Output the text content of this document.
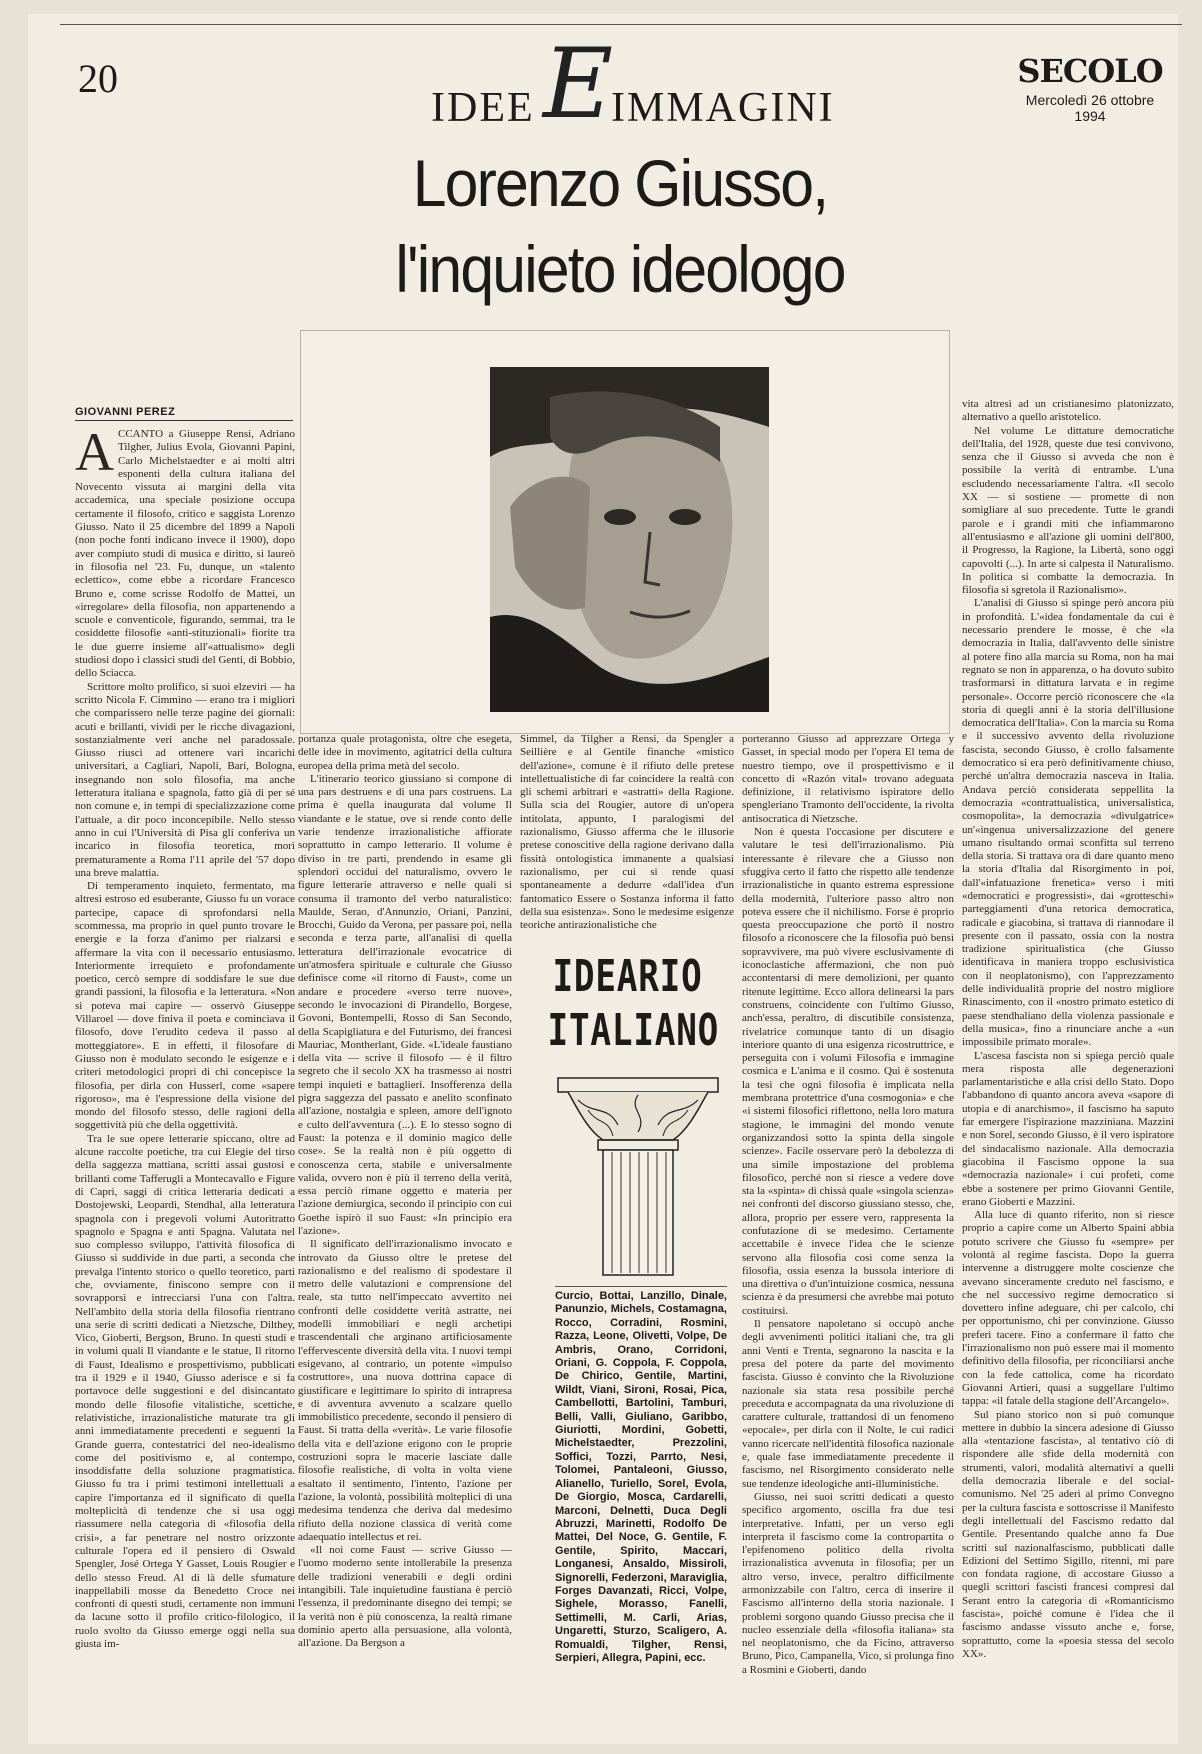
20
IDEE E
IMMAGINI
SECOLO
Mercoledì 26 ottobre 1994
Lorenzo Giusso,
l'inquieto ideologo
GIOVANNI PEREZ
A CCANTO a Giuseppe Rensi, Adriano Tilgher, Julius Evola, Giovanni Papini, Carlo Michelstaedter e ai molti altri esponenti della cultura italiana del Novecento vissuta ai margini della vita accademica, una speciale posizione occupa certamente il filosofo, critico e saggista Lorenzo Giusso. Nato il 25 dicembre del 1899 a Napoli (non poche fonti indicano invece il 1900), dopo aver compiuto studi di musica e diritto, si laureò in filosofia nel '23. Fu, dunque, un «talento eclettico», come ebbe a ricordare Francesco Bruno e, come scrisse Rodolfo de Mattei, un «irregolare» della filosofia, non appartenendo a scuole e conventicole, figurando, semmai, tra le cosiddette filosofie «anti-stituzionali» fiorite tra le due guerre insieme all'«attualismo» degli studiosi dopo i classici studi del Genti, di Bobbio, dello Sciacca.

Scrittore molto prolifico, si suoi elzeviri — ha scritto Nicola F. Cimmino — erano tra i migliori che comparissero nelle terze pagine dei giornali: acuti e brillanti, vividi per le ricche divagazioni, sostanzialmente veri anche nel paradossale. Giusso riuscì ad ottenere vari incarichi universitari, a Cagliari, Napoli, Bari, Bologna, insegnando non solo filosofia, ma anche letteratura italiana e spagnola, fatto già di per sé non comune e, in tempi di specializzazione come l'attuale, a dir poco inconcepibile. Nello stesso anno in cui l'Università di Pisa gli conferiva un incarico in filosofia teoretica, morì prematuramente a Roma l'11 aprile del '57 dopo una breve malattia.

Di temperamento inquieto, fermentato, ma altresì estroso ed esuberante, Giusso fu un vorace partecipe, capace di sprofondarsi nella scommessa, ma proprio in quel punto trovare le energie e la forza d'animo per rialzarsi e affermare la vita con il necessario entusiasmo. Interiormente irrequieto e profondamente poetico, cercò sempre di soddisfare le sue due grandi passioni, la filosofia e la letteratura. «Non si poteva mai capire — osservò Giuseppe Villaroel — dove finiva il poeta e cominciava il filosofo, dove l'erudito cedeva il passo al motteggiatore». E in effetti, il filosofare di Giusso non è modulato secondo le esigenze e i criteri metodologici propri di chi concepisce la filosofia, per dirla con Husserl, come «sapere rigoroso», ma è l'espressione della visione del mondo del filosofo stesso, delle ragioni della soggettività più che della oggettività.

Tra le sue opere letterarie spiccano, oltre ad alcune raccolte poetiche, tra cui Elegie del tirso della saggezza mattiana, scritti assai gustosi e brillanti come Tafferugli a Montecavallo e Figure di Capri, saggi di critica letteraria dedicati a Dostojewski, Leopardi, Stendhal, alla letteratura spagnola con i pregevoli volumi Autoritratto spagnolo e Spagna e anti Spagna. Valutata nel suo complesso sviluppo, l'attività filosofica di Giusso si suddivide in due parti, a seconda che prevalga l'intento storico o quello teoretico, parti che, ovviamente, finiscono sempre con il sovrapporsi e intrecciarsi l'una con l'altra. Nell'ambito della storia della filosofia rientrano una serie di scritti dedicati a Nietzsche, Dilthey, Vico, Gioberti, Bergson, Bruno. In questi studi e in volumi quali Il viandante e le statue, Il ritorno di Faust, Idealismo e prospettivismo, pubblicati tra il 1929 e il 1940, Giusso aderisce e si fa portavoce delle suggestioni e del disincantato mondo delle filosofie vitalistiche, scettiche, relativistiche, irrazionalistiche maturate tra gli anni immediatamente precedenti e seguenti la Grande guerra, contestatrici del neo-idealismo come del positivismo e, al contempo, insoddisfatte della soluzione pragmatistica. Giusso fu tra i primi testimoni intellettuali a capire l'importanza ed il significato di quella molteplicità di tendenze che si usa oggi riassumere nella categoria di «filosofia della crisi», a far penetrare nel nostro orizzonte culturale l'opera ed il pensiero di Oswald Spengler, José Ortega Y Gasset, Louis Rougier e dello stesso Freud. Al di là delle sfumature inappellabili mosse da Benedetto Croce nei confronti di questi studi, certamente non immuni da lacune sotto il profilo critico-filologico, il ruolo svolto da Giusso emerge oggi nella sua giusta im-

portanza quale protagonista, oltre che esegeta, delle idee in movimento, agitatrici della cultura europea della prima metà del secolo.

L'itinerario teorico giussiano si compone di una pars destruens e di una pars costruens. La prima è quella inaugurata dal volume Il viandante e le statue, ove si rende conto delle varie tendenze irrazionalistiche affiorate soprattutto in campo letterario. Il volume è diviso in tre parti, prendendo in esame gli splendori occidui del naturalismo, ovvero le figure letterarie attraverso e nelle quali si consuma il tramonto del verbo naturalistico: Maulde, Serao, d'Annunzio, Oriani, Panzini, Brocchi, Guido da Verona, per passare poi, nella seconda e terza parte, all'analisi di quella letteratura dell'irrazionale evocatrice di un'atmosfera spirituale e culturale che Giusso definisce come «il ritorno di Faust», come un andare e procedere «verso terre nuove», secondo le invocazioni di Pirandello, Borgese, Govoni, Bontempelli, Rosso di San Secondo, della Scapigliatura e del Futurismo, dei francesi Mauriac, Montherlant, Gide. «L'ideale faustiano della vita — scrive il filosofo — è il filtro segreto che il secolo XX ha trasmesso ai nostri tempi inquieti e battaglieri. Insofferenza della pigra saggezza del passato e anelito sconfinato all'azione, nostalgia e spleen, amore dell'ignoto e culto dell'avventura (...). E lo stesso sogno di Faust: la potenza e il dominio magico delle cose». Se la realtà non è più oggetto di conoscenza certa, stabile e universalmente valida, ovvero non è più il terreno della verità, essa perciò rimane oggetto e materia per l'azione demiurgica, secondo il principio con cui Goethe ispirò il suo Faust: «In principio era l'azione».

Il significato dell'irrazionalismo invocato e introvato da Giusso oltre le pretese del razionalismo e del realismo di spodestare il metro delle valutazioni e comprensione del reale, sta tutto nell'impeccato avvertito nei confronti delle cosiddette verità astratte, nei modelli immobiliari e negli archetipi trascendentali che arginano artificiosamente l'effervescente diversità della vita. I nuovi tempi esigevano, al contrario, un potente «impulso costruttore», una nuova dottrina capace di giustificare e legittimare lo spirito di intrapresa e di avventura avvenuto a scalzare quello immobilistico precedente, secondo il pensiero di Faust. Si tratta della «verità». Le varie filosofie della vita e dell'azione erigono con le proprie costruzioni sopra le macerie lasciate dalle filosofie realistiche, di volta in volta viene esaltato il sentimento, l'intento, l'azione per l'azione, la volontà, possibilità molteplici di una medesima tendenza che deriva dal medesimo rifiuto della nozione classica di verità come adaequatio intellectus et rei.

«Il noi come Faust — scrive Giusso — l'uomo moderno sente intollerabile la presenza delle tradizioni venerabili e degli ordini intangibili. Tale inquietudine faustiana è perciò l'essenza, il predominante disegno dei tempi; se la verità non è più conoscenza, la realtà rimane dominio aperto alla persuasione, alla volontà, all'azione. Da Bergson a

Simmel, da Tilgher a Rensi, da Spengler a Seillière e al Gentile finanche «mistico dell'azione», comune è il rifiuto delle pretese intellettualistiche di far coincidere la realtà con gli schemi arbitrari e «astratti» della Ragione. Sulla scia del Rougier, autore di un'opera intitolata, appunto, I paralogismi del razionalismo, Giusso afferma che le illusorie pretese conoscitive della ragione derivano dalla fissità ontologistica immanente a qualsiasi razionalismo, per cui si rende quasi spontaneamente a dedurre «dall'idea d'un fantomatico Essere o Sostanza informa il fatto della sua esistenza». Sono le medesime esigenze teoriche antirazionalistiche che

IDEARIO
ITALIANO
Curcio, Bottai, Lanzillo, Dinale, Panunzio, Michels, Costamagna, Rocco, Corradini, Rosmini, Razza, Leone, Olivetti, Volpe, De Ambris, Orano, Corridoni, Oriani, G. Coppola, F. Coppola, De Chirico, Gentile, Martini, Wildt, Viani, Sironi, Rosai, Pica, Cambellotti, Bartolini, Tamburi, Belli, Valli, Giuliano, Garibbo, Giuriotti, Mordini, Gobetti, Michelstaedter, Prezzolini, Soffici, Tozzi, Parrto, Nesi, Tolomei, Pantaleoni, Giusso, Alianello, Turiello, Sorel, Evola, De Giorgio, Mosca, Cardarelli, Marconi, Delnetti, Duca Degli Abruzzi, Marinetti, Rodolfo De Mattei, Del Noce, G. Gentile, F. Gentile, Spirito, Maccari, Longanesi, Ansaldo, Missiroli, Signorelli, Federzoni, Maraviglia, Forges Davanzati, Ricci, Volpe, Sighele, Morasso, Fanelli, Settimelli, M. Carli, Arias, Ungaretti, Sturzo, Scaligero, A. Romualdi, Tilgher, Rensi, Serpieri, Allegra, Papini, ecc.

porteranno Giusso ad apprezzare Ortega y Gasset, in special modo per l'opera El tema de nuestro tiempo, ove il prospettivismo e il concetto di «Razón vital» trovano adeguata definizione, il relativismo ispiratore dello spengleriano Tramonto dell'occidente, la rivolta antisocratica di Nietzsche.

Non è questa l'occasione per discutere e valutare le tesi dell'irrazionalismo. Più interessante è rilevare che a Giusso non sfuggiva certo il fatto che rispetto alle tendenze irrazionalistiche in quanto estrema espressione della modernità, l'ulteriore passo altro non poteva essere che il nichilismo. Forse è proprio questa preoccupazione che portò il nostro filosofo a riconoscere che la filosofia può bensì sopravvivere, ma può vivere esclusivamente di iconoclastiche affermazioni, che non può accontentarsi di mere demolizioni, per quanto ritenute legittime. Ecco allora delinearsi la pars construens, coincidente con l'ultimo Giusso, anch'essa, peraltro, di discutibile consistenza, rivelatrice comunque tanto di un disagio interiore quanto di una esigenza ricostruttrice, e perseguita con i volumi Filosofia e immagine cosmica e L'anima e il cosmo. Qui è sostenuta la tesi che ogni filosofia è implicata nella membrana protettrice d'una cosmogonia» e che «i sistemi filosofici riflettono, nella loro matura stagione, le immagini del mondo venute organizzandosi sotto la spinta della singole scienze». Facile osservare però la debolezza di una simile impostazione del problema filosofico, perché non si riesce a vedere dove sta la «spinta» di chissà quale «singola scienza» nei confronti del discorso giussiano stesso, che, allora, proprio per essere vero, rappresenta la confutazione di se medesimo. Certamente accettabile è invece l'idea che le scienze servono alla filosofia così come senza la filosofia, ossia esenza la bussola interiore di una direttiva o d'un'intuizione cosmica, nessuna scienza è da presumersi che avrebbe mai potuto costituirsi.

Il pensatore napoletano si occupò anche degli avvenimenti politici italiani che, tra gli anni Venti e Trenta, segnarono la nascita e la presa del potere da parte del movimento fascista. Giusso è convinto che la Rivoluzione nazionale sia stata resa possibile perché preceduta e accompagnata da una rivoluzione di carattere culturale, trattandosi di un fenomeno «epocale», per dirla con il Nolte, le cui radici vanno ricercate nell'identità filosofica nazionale e, quale fase immediatamente precedente il fascismo, nel Risorgimento considerato nelle sue tendenze ideologiche anti-illuministiche.

Giusso, nei suoi scritti dedicati a questo specifico argomento, oscilla fra due tesi interpretative. Infatti, per un verso egli interpreta il fascismo come la contropartita o l'epifenomeno politico della rivolta irrazionalistica avvenuta in filosofia; per un altro verso, invece, peraltro difficilmente armonizzabile con l'altro, cerca di inserire il Fascismo all'interno della storia nazionale. I problemi sorgono quando Giusso precisa che il nucleo essenziale della «filosofia italiana» sta nel neoplatonismo, che da Ficino, attraverso Bruno, Pico, Campanella, Vico, si prolunga fino a Rosmini e Gioberti, dando

vita altresì ad un cristianesimo platonizzato, alternativo a quello aristotelico.

Nel volume Le dittature democratiche dell'Italia, del 1928, queste due tesi convivono, senza che il Giusso si avveda che non è possibile la verità di entrambe. L'una escludendo necessariamente l'altra. «Il secolo XX — si sostiene — promette di non somigliare al suo precedente. Tutte le grandi parole e i grandi miti che infiammarono all'entusiasmo e all'azione gli uomini dell'800, il Progresso, la Ragione, la Libertà, sono oggi capovolti (...). In arte si calpesta il Naturalismo. In politica si combatte la democrazia. In filosofia si sgretola il Razionalismo».

L'analisi di Giusso si spinge però ancora più in profondità. L'«idea fondamentale da cui è necessario prendere le mosse, è che «la democrazia in Italia, dall'avvento delle sinistre al potere fino alla marcia su Roma, non ha mai regnato se non in apparenza, o ha dovuto subito trasformarsi in dittatura larvata e in regime personale». Occorre perciò riconoscere che «la storia di quegli anni è la storia dell'illusione democratica dell'Italia». Con la marcia su Roma e il successivo avvento della rivoluzione fascista, secondo Giusso, è crollo falsamente democratico si era però definitivamente chiuso, perché un'altra democrazia nasceva in Italia. Andava perciò considerata seppellita la democrazia «contrattualistica, universalistica, cosmopolita», la democrazia «divulgatrice» un'«ingenua universalizzazione del genere umano risultando ormai sconfitta sul terreno della storia. Si trattava ora di dare quanto meno la storia d'Italia dal Risorgimento in poi, dall'«infatuazione frenetica» verso i miti «democratici e progressisti», dai «grotteschi» parteggiamenti d'una retorica democratica, radicale e giacobina, si trattava di riannodare il presente con il passato, ossia con la nostra tradizione spiritualistica (che Giusso identificava in maniera troppo esclusivistica con il neoplatonismo), con l'apprezzamento delle individualità proprie del nostro migliore Rinascimento, con il «nostro primato estetico di paese stendhaliano della violenza passionale e della musica», fino a rinunciare anche a «un impossibile primato morale».

L'ascesa fascista non si spiega perciò quale mera risposta alle degenerazioni parlamentaristiche e alla crisi dello Stato. Dopo l'abbandono di quanto ancora aveva «sapore di utopia e di anarchismo», il fascismo ha saputo far emergere l'ispirazione mazziniana. Mazzini e non Sorel, secondo Giusso, è il vero ispiratore del sindacalismo nazionale. Alla democrazia giacobina il Fascismo oppone la sua «democrazia nazionale» i cui profeti, come ebbe a sostenere per primo Giovanni Gentile, erano Gioberti e Mazzini.

Alla luce di quanto riferito, non si riesce proprio a capire come un Alberto Spaini abbia potuto scrivere che Giusso fu «sempre» per volontà al regime fascista. Dopo la guerra intervenne a distruggere molte coscienze che avevano sinceramente creduto nel fascismo, e che nel successivo regime democratico si dovettero infine adeguare, chi per calcolo, chi per opportunismo, chi per convinzione. Giusso preferì tacere. Fino a confermare il fatto che l'irrazionalismo non può essere mai il momento definitivo della filosofia, per riconciliarsi anche con la fede cattolica, come ha ricordato Giovanni Artieri, quasi a suggellare l'ultimo tappa: «il fatale della stagione dell'Arcangelo».

Sul piano storico non si può comunque mettere in dubbio la sincera adesione di Giusso alla «tentazione fascista», al tentativo ciò di rispondere alle sfide della modernità con strumenti, valori, modalità alternativi a quelli della democrazia liberale e del social-comunismo. Nel '25 aderì al primo Convegno per la cultura fascista e sottoscrisse il Manifesto degli intellettuali del Fascismo redatto dal Gentile. Presentando qualche anno fa Due scritti sul nazionalfascismo, pubblicati dalle Edizioni del Settimo Sigillo, ritenni, mi pare con fondata ragione, di accostare Giusso a quegli scrittori fascisti francesi compresi dal Serant entro la categoria di «Romanticismo fascista», poiché comune è l'idea che il fascismo andasse vissuto anche e, forse, soprattutto, come la «poesia stessa del secolo XX».
